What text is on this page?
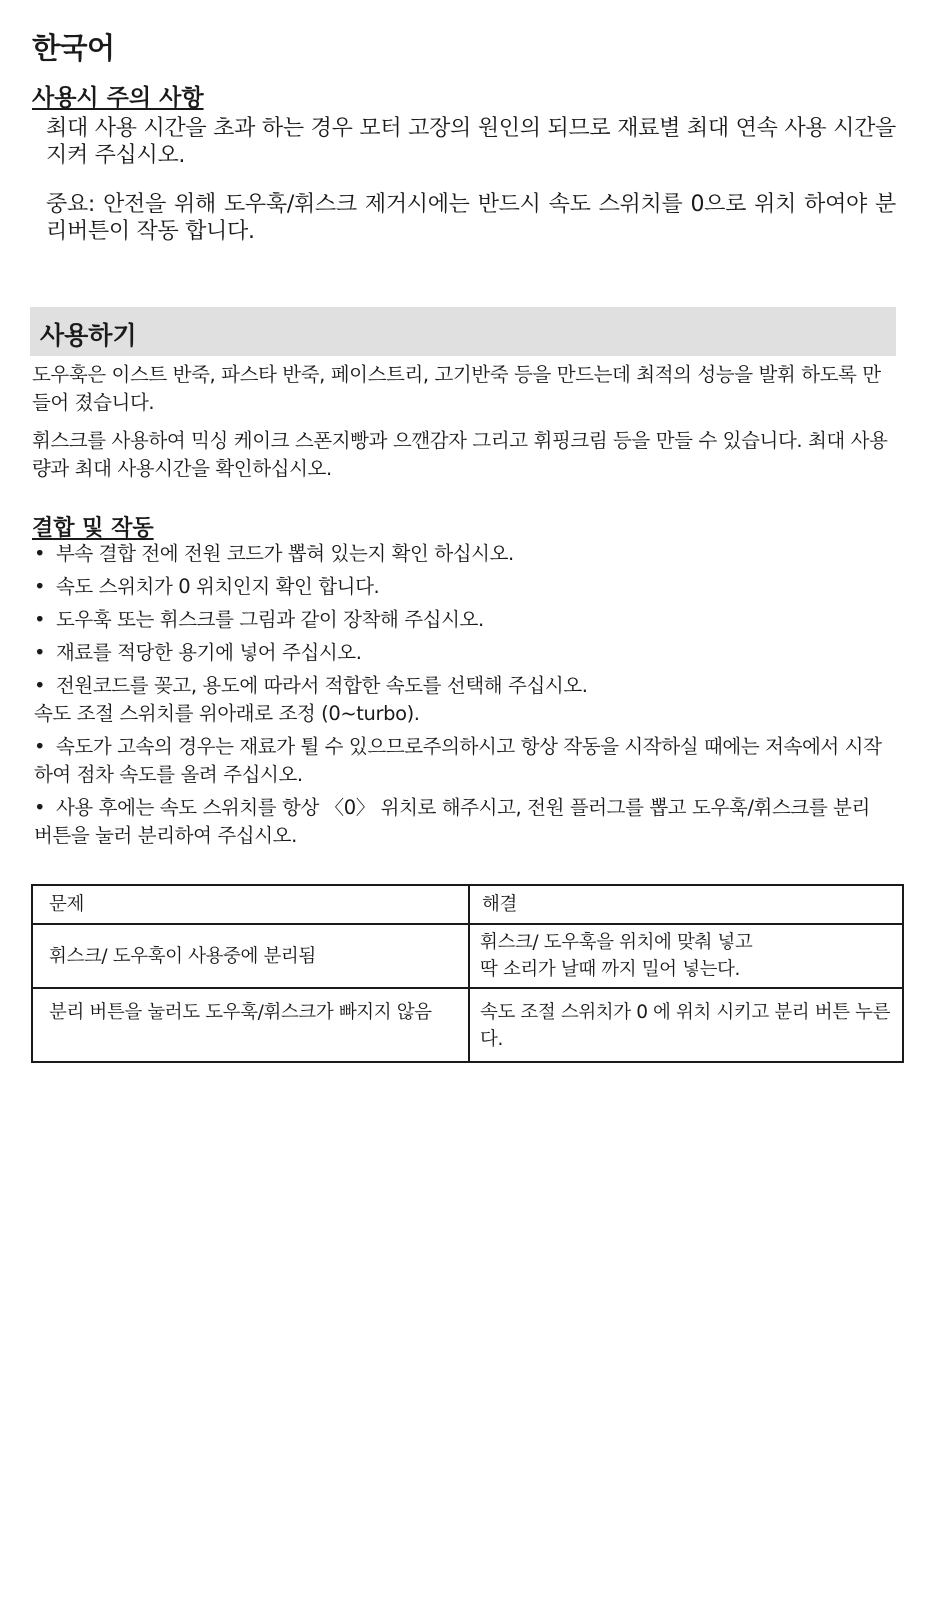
한국어
사용시 주의 사항

최대 사용 시간을 초과 하는 경우 모터 고장의 원인의 되므로 재료별 최대 연속 사용 시간을 지켜 주십시오.

중요: 안전을 위해 도우훅/휘스크 제거시에는 반드시 속도 스위치를 0으로 위치 하여야 분리버튼이 작동 합니다.

사용하기

도우훅은 이스트 반죽, 파스타 반죽, 페이스트리, 고기반죽 등을 만드는데 최적의 성능을 발휘 하도록 만들어 졌습니다.

휘스크를 사용하여 믹싱 케이크 스폰지빵과 으깬감자 그리고 휘핑크림 등을 만들 수 있습니다. 최대 사용량과 최대 사용시간을 확인하십시오.

결합 및 작동
• 부속 결합 전에 전원 코드가 뽑혀 있는지 확인 하십시오.
• 속도 스위치가 0 위치인지 확인 합니다.
• 도우훅 또는 휘스크를 그림과 같이 장착해 주십시오.
• 재료를 적당한 용기에 넣어 주십시오.
• 전원코드를 꽂고, 용도에 따라서 적합한 속도를 선택해 주십시오.
속도 조절 스위치를 위아래로 조정 (0~turbo).
• 속도가 고속의 경우는 재료가 튈 수 있으므로주의하시고 항상 작동을 시작하실 때에는 저속에서 시작하여 점차 속도를 올려 주십시오.
• 사용 후에는 속도 스위치를 항상 〈0〉 위치로 해주시고, 전원 플러그를 뽑고 도우훅/휘스크를 분리 버튼을 눌러 분리하여 주십시오.
문제	해결
휘스크/ 도우훅이 사용중에 분리됨	휘스크/ 도우훅을 위치에 맞춰 넣고
딱 소리가 날때 까지 밀어 넣는다.

분리 버튼을 눌러도 도우훅/휘스크가 빠지지 않음	속도 조절 스위치가 0 에 위치 시키고 분리 버튼 누른다.
